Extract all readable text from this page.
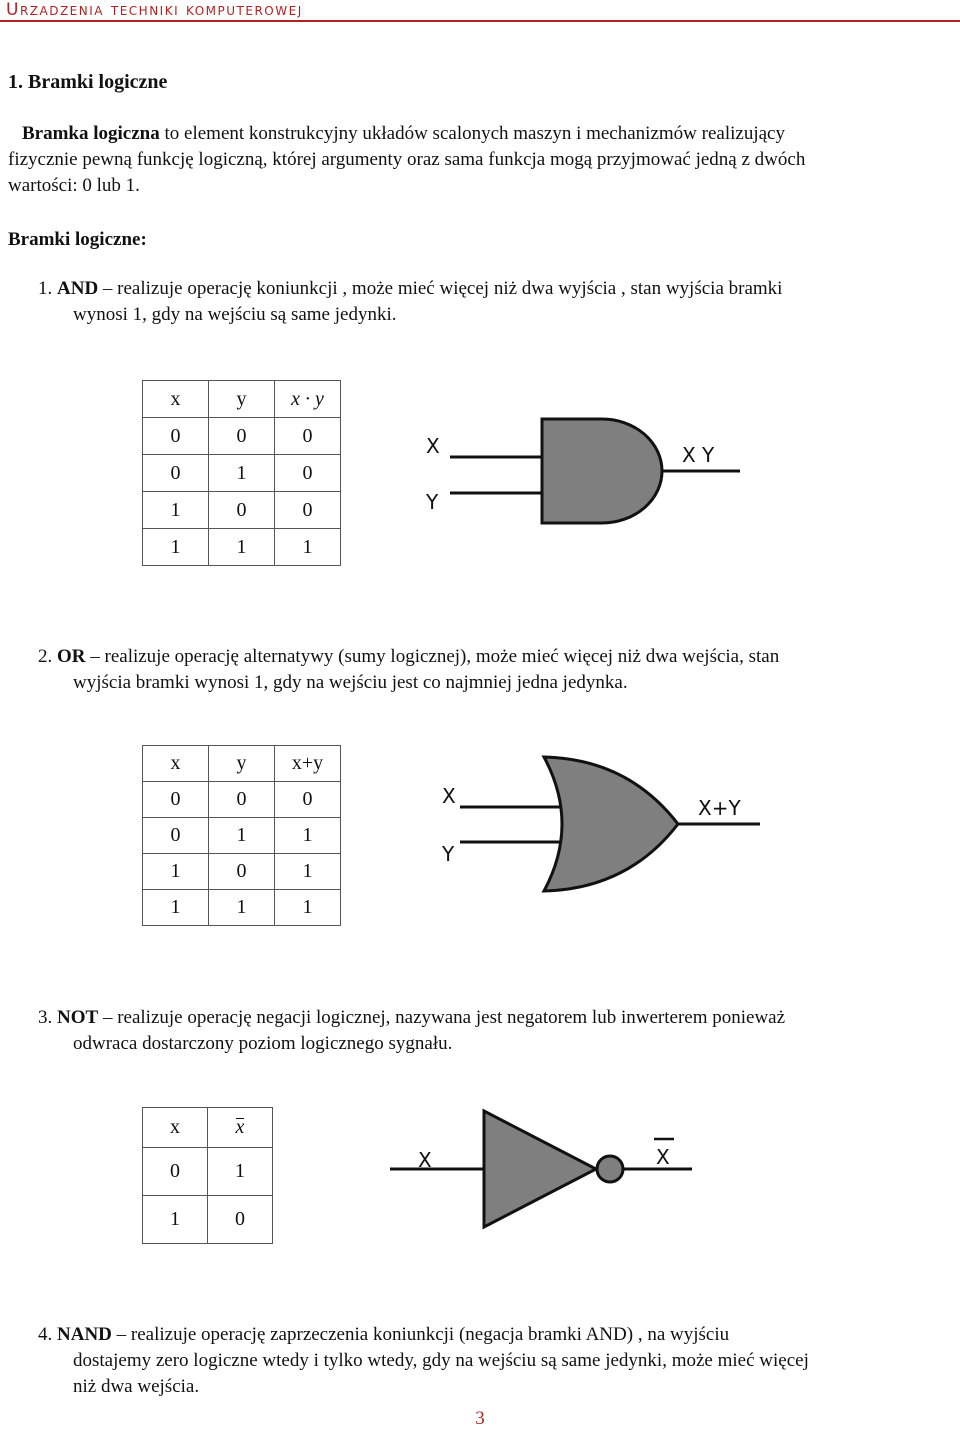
Urzadzenia techniki komputerowej
1. Bramki logiczne
Bramka logiczna to element konstrukcyjny układów scalonych maszyn i mechanizmów realizujący
fizycznie pewną funkcję logiczną, której argumenty oraz sama funkcja mogą przyjmować jedną z dwóch
wartości: 0 lub 1.
Bramki logiczne:
1. AND – realizuje operację koniunkcji , może mieć więcej niż dwa wyjścia , stan wyjścia bramki
wynosi 1, gdy na wejściu są same jedynki.
x	y	x · y
0	0	0
0	1	0
1	0	0
1	1	1
X
Y
X Y
2. OR – realizuje operację alternatywy (sumy logicznej), może mieć więcej niż dwa wejścia, stan
wyjścia bramki wynosi 1, gdy na wejściu jest co najmniej jedna jedynka.
x	y	x+y
0	0	0
0	1	1
1	0	1
1	1	1
X
Y
X+Y
3. NOT – realizuje operację negacji logicznej, nazywana jest negatorem lub inwerterem ponieważ
odwraca dostarczony poziom logicznego sygnału.
x	x
0	1
1	0
X	X
4. NAND – realizuje operację zaprzeczenia koniunkcji (negacja bramki AND) , na wyjściu
dostajemy zero logiczne wtedy i tylko wtedy, gdy na wejściu są same jedynki, może mieć więcej
niż dwa wejścia.
3
